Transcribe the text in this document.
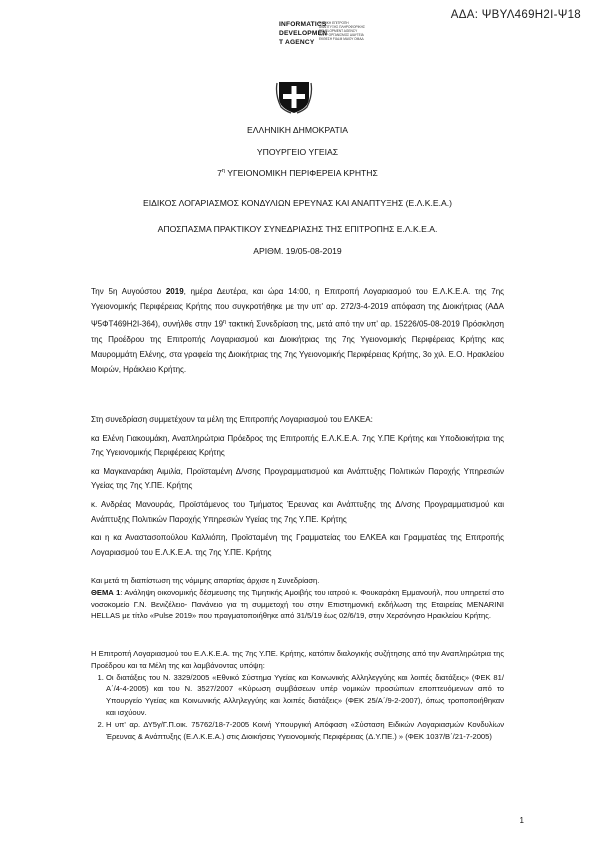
ΑΔΑ: ΨΒΥΛ469Η2Ι-Ψ18
INFORMATICS
DEVELOPMEN
T AGENCY
ΕΘΝΙΚΗ ΕΠΙΤΡΟΠΗ ΑΝΑΠΤΥΞΗΣ ΠΛΗΡΟΦΟΡΙΚΗΣ DEVELOPMENT AGENCY ΠΛΗΡ ΟΡΓΑΝΙΣΜΟΣ ΔΙΑΥΓΕΙΑ ΕΚΘΕΣΗ FIALM ΜΑΙΟΥ ΟΜΑΔ
ΕΛΛΗΝΙΚΗ ΔΗΜΟΚΡΑΤΙΑ
ΥΠΟΥΡΓΕΙΟ ΥΓΕΙΑΣ
$7^\eta$ ΥΓΕΙΟΝΟΜΙΚΗ ΠΕΡΙΦΕΡΕΙΑ ΚΡΗΤΗΣ
ΕΙΔΙΚΟΣ ΛΟΓΑΡΙΑΣΜΟΣ ΚΟΝΔΥΛΙΩΝ ΕΡΕΥΝΑΣ ΚΑΙ ΑΝΑΠΤΥΞΗΣ (Ε.Λ.Κ.Ε.Α.)
ΑΠΟΣΠΑΣΜΑ ΠΡΑΚΤΙΚΟΥ ΣΥΝΕΔΡΙΑΣΗΣ ΤΗΣ ΕΠΙΤΡΟΠΗΣ Ε.Λ.Κ.Ε.Α.
ΑΡΙΘΜ. 19/05-08-2019
Την 5η Αυγούστου 2019, ημέρα Δευτέρα, και ώρα 14:00, η Επιτροπή Λογαριασμού του Ε.Λ.Κ.Ε.Α. της 7ης Υγειονομικής Περιφέρειας Κρήτης που συγκροτήθηκε με την υπ' αρ. 272/3-4-2019 απόφαση της Διοικήτριας (ΑΔΑ Ψ5ΦΤ469Η2Ι-364), συνήλθε στην $19^\eta$ τακτική Συνεδρίαση της, μετά από την υπ' αρ. 15226/05-08-2019 Πρόσκληση της Προέδρου της Επιτροπής Λογαριασμού και Διοικήτριας της 7ης Υγειονομικής Περιφέρειας Κρήτης κας Μαυρομμάτη Ελένης, στα γραφεία της Διοικήτριας της 7ης Υγειονομικής Περιφέρειας Κρήτης, 3ο χιλ. Ε.Ο. Ηρακλείου Μοιρών, Ηράκλειο Κρήτης.
Στη συνεδρίαση συμμετέχουν τα μέλη της Επιτροπής Λογαριασμού του ΕΛΚΕΑ:
κα Ελένη Γιακουμάκη, Αναπληρώτρια Πρόεδρος της Επιτροπής Ε.Λ.Κ.Ε.Α. 7ης Υ.ΠΕ Κρήτης και Υποδιοικήτρια της 7ης Υγειονομικής Περιφέρειας Κρήτης
κα Μαγκαναράκη Αιμιλία, Προϊσταμένη Δ/νσης Προγραμματισμού και Ανάπτυξης Πολιτικών Παροχής Υπηρεσιών Υγείας της 7ης Υ.ΠΕ. Κρήτης
κ. Ανδρέας Μανουράς, Προϊστάμενος του Τμήματος Έρευνας και Ανάπτυξης της Δ/νσης Προγραμματισμού και Ανάπτυξης Πολιτικών Παροχής Υπηρεσιών Υγείας της 7ης Υ.ΠΕ. Κρήτης
και η κα Αναστασοπούλου Καλλιόπη, Προϊσταμένη της Γραμματείας του ΕΛΚΕΑ και Γραμματέας της Επιτροπής Λογαριασμού του Ε.Λ.Κ.Ε.Α. της 7ης Υ.ΠΕ. Κρήτης
Και μετά τη διαπίστωση της νόμιμης απαρτίας άρχισε η Συνεδρίαση.
ΘΕΜΑ 1: Ανάληψη οικονομικής δέσμευσης της Τιμητικής Αμοιβής του ιατρού κ. Φουκαράκη Εμμανουήλ, που υπηρετεί στο νοσοκομείο Γ.Ν. Βενιζέλειο- Πανάνειο για τη συμμετοχή του στην Επιστημονική εκδήλωση της Εταιρείας MENARINI HELLAS με τίτλο «Pulse 2019» που πραγματοποιήθηκε από 31/5/19 έως 02/6/19, στην Χερσόνησο Ηρακλείου Κρήτης.
Η Επιτροπή Λογαριασμού του Ε.Λ.Κ.Ε.Α. της 7ης Υ.ΠΕ. Κρήτης, κατόπιν διαλογικής συζήτησης από την Αναπληρώτρια της Προέδρου και τα Μέλη της και λαμβάνοντας υπόψη:
1. Οι διατάξεις του Ν. 3329/2005 «Εθνικό Σύστημα Υγείας και Κοινωνικής Αλληλεγγύης και λοιπές διατάξεις» (ΦΕΚ 81/Α΄/4-4-2005) και του Ν. 3527/2007 «Κύρωση συμβάσεων υπέρ νομικών προσώπων εποπτευόμενων από το Υπουργείο Υγείας και Κοινωνικής Αλληλεγγύης και λοιπές διατάξεις» (ΦΕΚ 25/Α΄/9-2-2007), όπως τροποποιήθηκαν και ισχύουν.
2. Η υπ' αρ. ΔΥ5γ/Γ.Π.οικ. 75762/18-7-2005 Κοινή Υπουργική Απόφαση «Σύσταση Ειδικών Λογαριασμών Κονδυλίων Έρευνας & Ανάπτυξης (Ε.Λ.Κ.Ε.Α.) στις Διοικήσεις Υγειονομικής Περιφέρειας (Δ.Υ.ΠΕ.) » (ΦΕΚ 1037/Β΄/21-7-2005)
1
